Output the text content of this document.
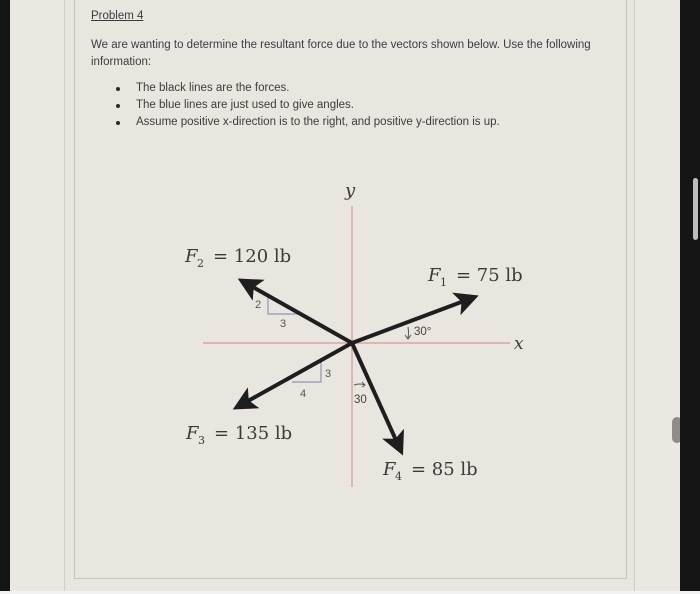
Problem 4
We are wanting to determine the resultant force due to the vectors shown below. Use the following information:
The black lines are the forces.
The blue lines are just used to give angles.
Assume positive x-direction is to the right, and positive y-direction is up.
y
x
2
3
3
4
30°
30
F 2 = 120 lb
F 1 = 75 lb
F 3 = 135 lb
F 4 = 85 lb
